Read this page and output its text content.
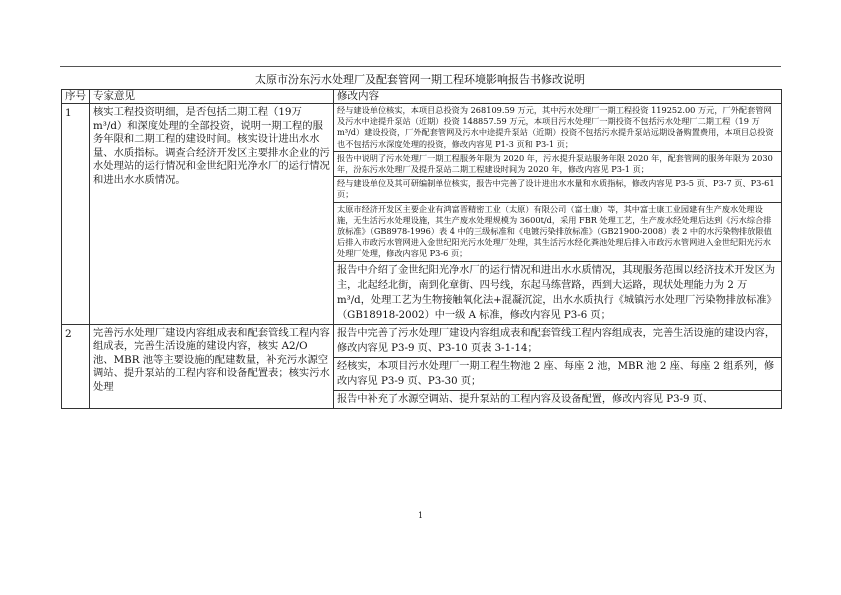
太原市汾东污水处理厂及配套管网一期工程环境影响报告书修改说明
序号	专家意见	修改内容
1	核实工程投资明细，是否包括二期工程（19万 m³/d）和深度处理的全部投资，说明一期工程的服务年限和二期工程的建设时间。核实设计进出水水量、水质指标。调查合经济开发区主要排水企业的污水处理站的运行情况和金世纪阳光净水厂的运行情况和进出水水质情况。	经与建设单位核实，本项目总投资为 268109.59 万元，其中污水处理厂一期工程投资 119252.00 万元，厂外配套管网及污水中途提升泵站（近期）投资 148857.59 万元，本项目污水处理厂一期投资不包括污水处理厂二期工程（19 万 m³/d）建设投资，厂外配套管网及污水中途提升泵站（近期）投资不包括污水提升泵站远期设备购置费用，本项目总投资也不包括污水深度处理的投资，修改内容见 P1-3 页和 P3-1 页；
报告中说明了污水处理厂一期工程服务年限为 2020 年，污水提升泵站服务年限 2020 年，配套管网的服务年限为 2030 年，汾东污水处理厂及提升泵站二期工程建设时间为 2020 年，修改内容见 P3-1 页；
经与建设单位及其可研编制单位核实，报告中完善了设计进出水水量和水质指标，修改内容见 P3-5 页、P3-7 页、P3-61 页；
太原市经济开发区主要企业有鸿富晋精密工业（太原）有限公司（富士康）等，其中富士康工业园建有生产废水处理设施，无生活污水处理设施，其生产废水处理规模为 3600t/d，采用 FBR 处理工艺，生产废水经处理后达到《污水综合排放标准》（GB8978-1996）表 4 中的三级标准和《电镀污染排放标准》（GB21900-2008）表 2 中的水污染物排放限值后排入市政污水管网进入金世纪阳光污水处理厂处理，其生活污水经化粪池处理后排入市政污水管网进入金世纪阳光污水处理厂处理，修改内容见 P3-6 页；
报告中介绍了金世纪阳光净水厂的运行情况和进出水水质情况，其现服务范围以经济技术开发区为主，北起经北街，南到化章街、四号线，东起马练营路，西到大运路，现状处理能力为 2 万 m³/d，处理工艺为生物接触氧化法+混凝沉淀，出水水质执行《城镇污水处理厂污染物排放标准》（GB18918-2002）中一级 A 标准，修改内容见 P3-6 页；

2	完善污水处理厂建设内容组成表和配套管线工程内容组成表，完善生活设施的建设内容，核实 A2/O 池、MBR 池等主要设施的配建数量，补充污水源空调站、提升泵站的工程内容和设备配置表；核实污水处理	报告中完善了污水处理厂建设内容组成表和配套管线工程内容组成表，完善生活设施的建设内容，修改内容见 P3-9 页、P3-10 页表 3-1-14；
经核实，本项目污水处理厂一期工程生物池 2 座、每座 2 池，MBR 池 2 座、每座 2 组系列，修改内容见 P3-9 页、P3-30 页；
报告中补充了水源空调站、提升泵站的工程内容及设备配置，修改内容见 P3-9 页、
1
